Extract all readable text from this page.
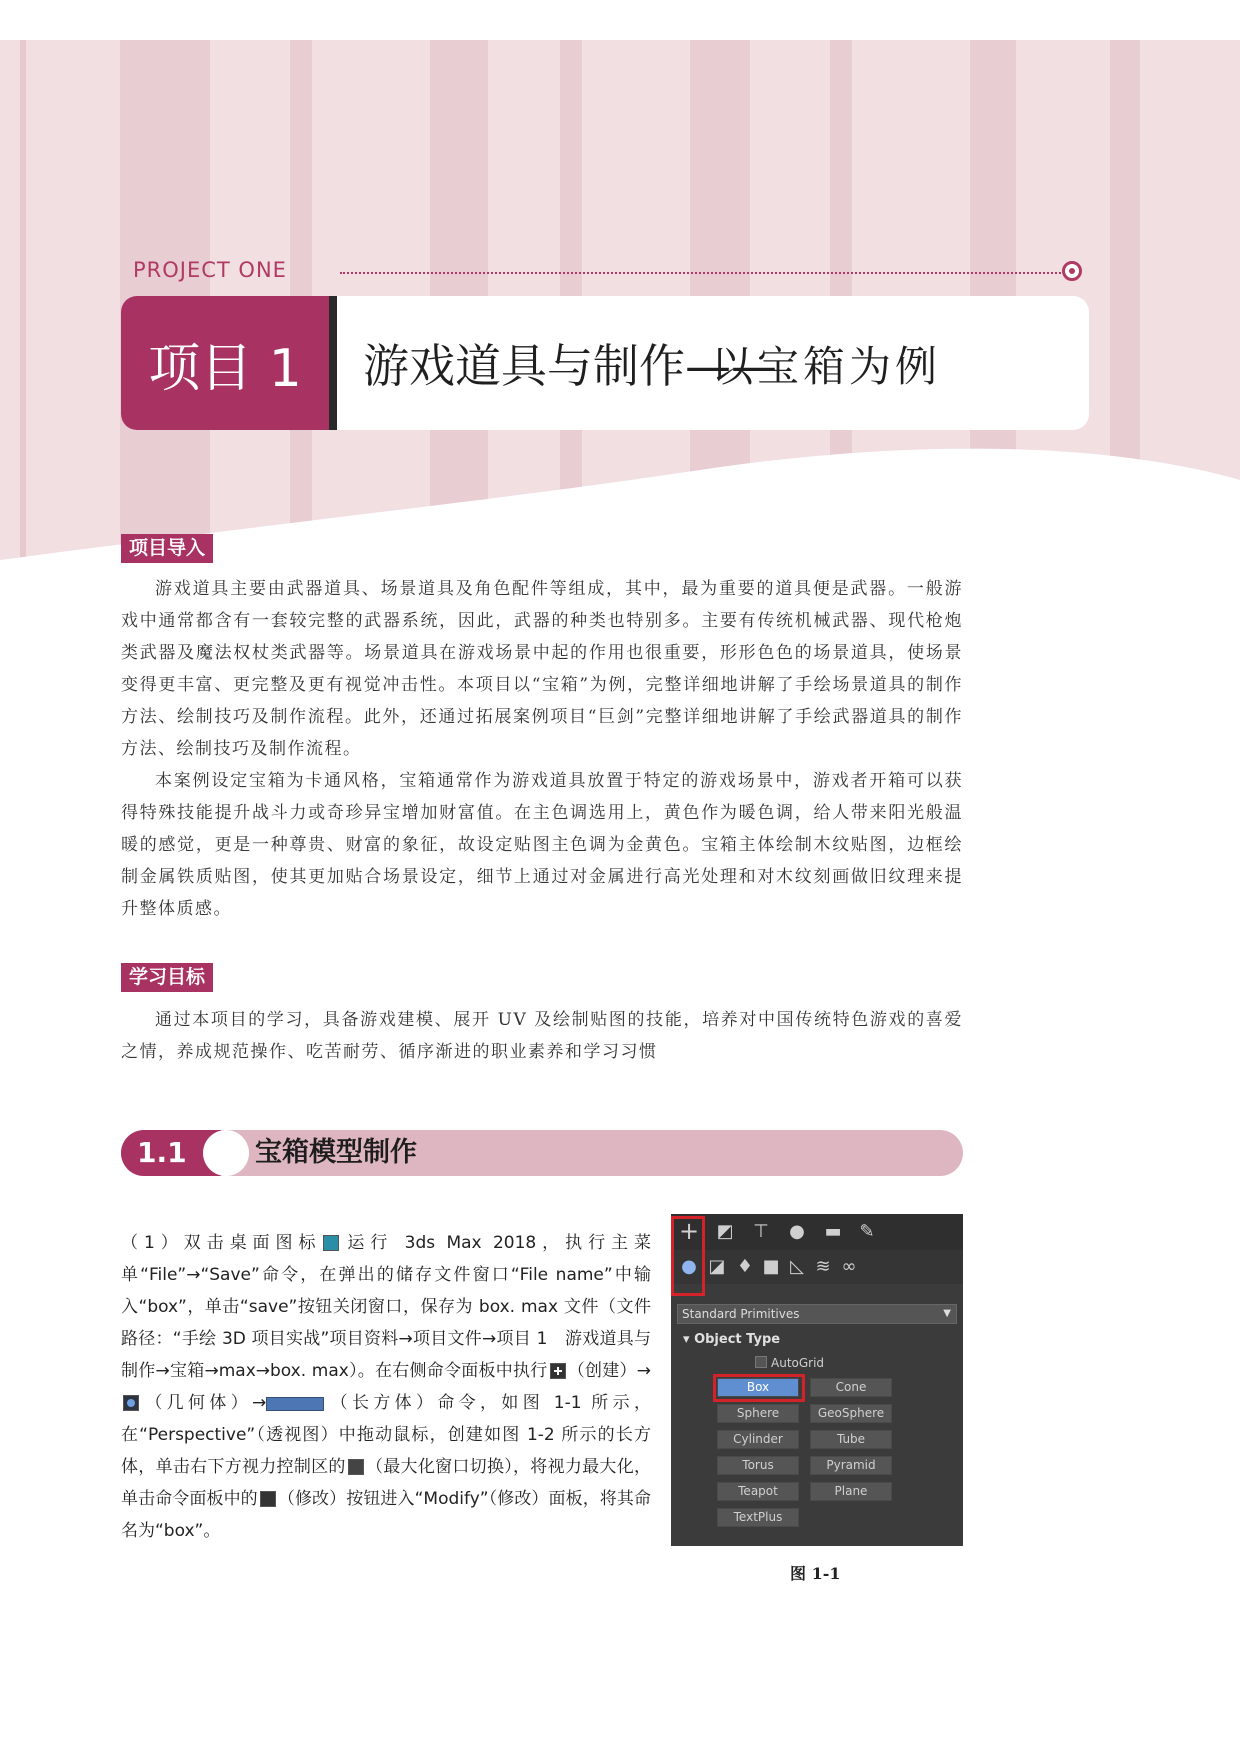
PROJECT ONE
项目 1	游戏道具与制作——
以宝箱为例
项目导入

游戏道具主要由武器道具、场景道具及角色配件等组成，其中，最为重要的道具便是武器。一般游戏中通常都含有一套较完整的武器系统，因此，武器的种类也特别多。主要有传统机械武器、现代枪炮类武器及魔法权杖类武器等。场景道具在游戏场景中起的作用也很重要，形形色色的场景道具，使场景变得更丰富、更完整及更有视觉冲击性。本项目以“宝箱”为例，完整详细地讲解了手绘场景道具的制作方法、绘制技巧及制作流程。此外，还通过拓展案例项目“巨剑”完整详细地讲解了手绘武器道具的制作方法、绘制技巧及制作流程。

本案例设定宝箱为卡通风格，宝箱通常作为游戏道具放置于特定的游戏场景中，游戏者开箱可以获得特殊技能提升战斗力或奇珍异宝增加财富值。在主色调选用上，黄色作为暖色调，给人带来阳光般温暖的感觉，更是一种尊贵、财富的象征，故设定贴图主色调为金黄色。宝箱主体绘制木纹贴图，边框绘制金属铁质贴图，使其更加贴合场景设定，细节上通过对金属进行高光处理和对木纹刻画做旧纹理来提升整体质感。

学习目标

通过本项目的学习，具备游戏建模、展开 UV 及绘制贴图的技能，培养对中国传统特色游戏的喜爱之情，养成规范操作、吃苦耐劳、循序渐进的职业素养和学习习惯

1.1	宝箱模型制作
（1）双击桌面图标 运行 3ds Max 2018，执行主菜单“File”→“Save”命令，在弹出的储存文件窗口“File name”中输入“box”，单击“save”按钮关闭窗口，保存为 box. max 文件（文件路径：“手绘 3D 项目实战”项目资料→项目文件→项目 1　游戏道具与制作→宝箱→max→box. max）。在右侧命令面板中执行 （创建）→（几何体）→	（长方体）命令，如图 1-1 所示，在“Perspective”（透视图）中拖动鼠标，创建如图 1-2 所示的长方体，单击右下方视力控制区的 （最大化窗口切换），将视力最大化，单击命令面板中的 （修改）按钮进入“Modify”（修改）面板，将其命名为“box”。
+ ◩ ⊤ ● ▬ ✎
● ◪ ♦ ■ ◺ ≋ ∞
Standard Primitives	▼
▾ Object Type
AutoGrid
Box	Cone
Sphere	GeoSphere
Cylinder	Tube
Torus	Pyramid
Teapot	Plane
TextPlus
图 1-1
